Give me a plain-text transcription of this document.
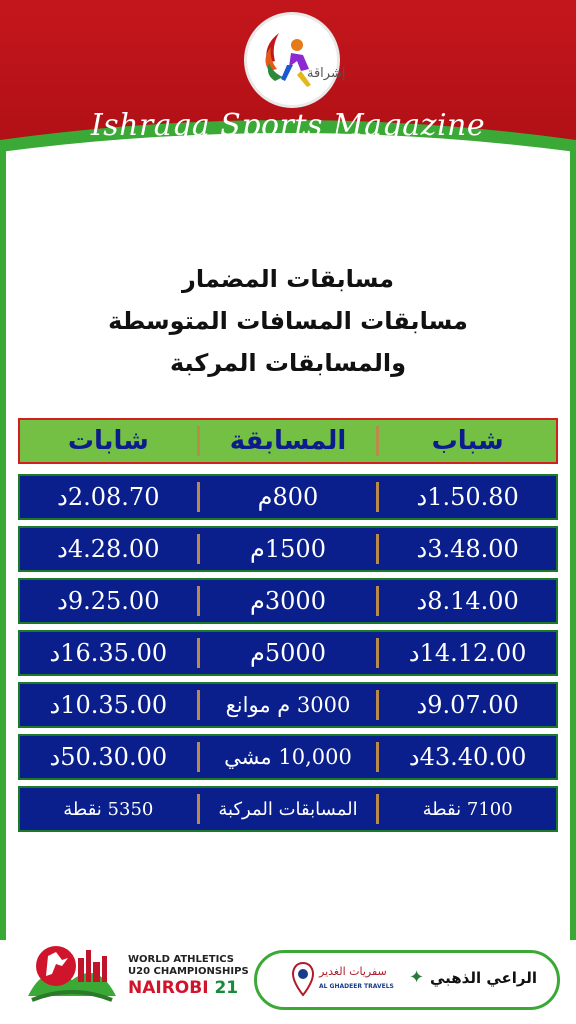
إشراقة
Ishraqa Sports Magazine
مسابقات المضمار
مسابقات المسافات المتوسطة
والمسابقات المركبة
شباب
المسابقة
شابات
1.50.80د
800م
2.08.70د
3.48.00د
1500م
4.28.00د
8.14.00د
3000م
9.25.00د
14.12.00د
5000م
16.35.00د
9.07.00د
3000 م موانع
10.35.00د
43.40.00د
10,000 مشي
50.30.00د
7100 نقطة
المسابقات المركبة
5350 نقطة
WORLD ATHLETICS
U20 CHAMPIONSHIPS
NAIROBI 21
سفريات الغدير
AL GHADEER TRAVELS ✦ الراعي الذهبي
